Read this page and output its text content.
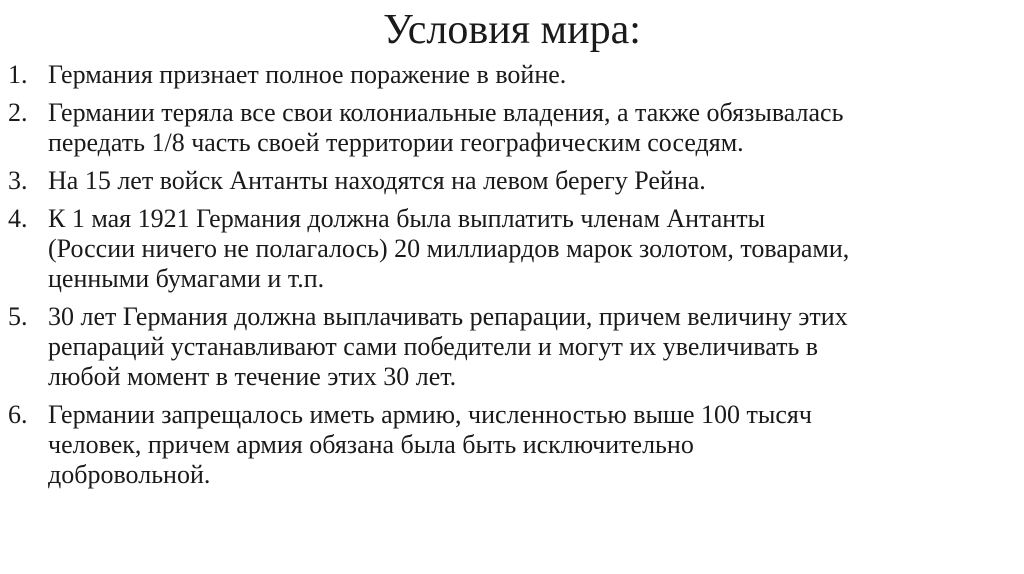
Условия мира:
1. Германия признает полное поражение в войне.
2. Германии теряла все свои колониальные владения, а также обязывалась
передать 1/8 часть своей территории географическим соседям.
3. На 15 лет войск Антанты находятся на левом берегу Рейна.
4. К 1 мая 1921 Германия должна была выплатить членам Антанты
(России ничего не полагалось) 20 миллиардов марок золотом, товарами,
ценными бумагами и т.п.
5. 30 лет Германия должна выплачивать репарации, причем величину этих
репараций устанавливают сами победители и могут их увеличивать в
любой момент в течение этих 30 лет.
6. Германии запрещалось иметь армию, численностью выше 100 тысяч
человек, причем армия обязана была быть исключительно
добровольной.
